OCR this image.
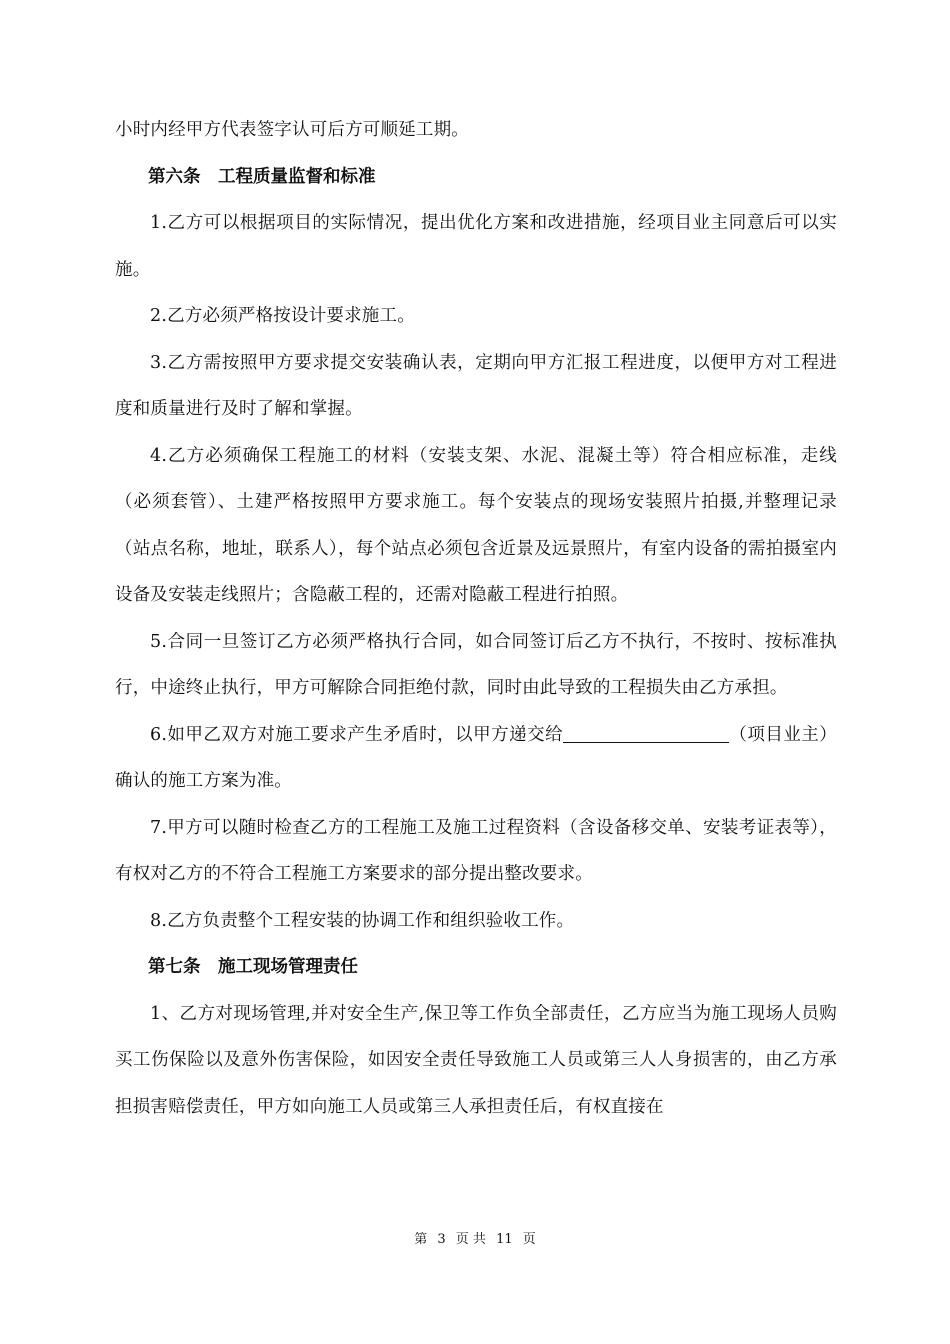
小时内经甲方代表签字认可后方可顺延工期。

第六条　工程质量监督和标准

1.乙方可以根据项目的实际情况，提出优化方案和改进措施，经项目业主同意后可以实施。

2.乙方必须严格按设计要求施工。

3.乙方需按照甲方要求提交安装确认表，定期向甲方汇报工程进度，以便甲方对工程进度和质量进行及时了解和掌握。

4.乙方必须确保工程施工的材料（安装支架、水泥、混凝土等）符合相应标准，走线（必须套管）、土建严格按照甲方要求施工。每个安装点的现场安装照片拍摄,并整理记录（站点名称，地址，联系人），每个站点必须包含近景及远景照片，有室内设备的需拍摄室内设备及安装走线照片；含隐蔽工程的，还需对隐蔽工程进行拍照。

5.合同一旦签订乙方必须严格执行合同，如合同签订后乙方不执行，不按时、按标准执行，中途终止执行，甲方可解除合同拒绝付款，同时由此导致的工程损失由乙方承担。

6.如甲乙双方对施工要求产生矛盾时，以甲方递交给	（项目业主）确认的施工方案为准。

7.甲方可以随时检查乙方的工程施工及施工过程资料（含设备移交单、安装考证表等），有权对乙方的不符合工程施工方案要求的部分提出整改要求。

8.乙方负责整个工程安装的协调工作和组织验收工作。

第七条　施工现场管理责任

1、乙方对现场管理,并对安全生产,保卫等工作负全部责任，乙方应当为施工现场人员购买工伤保险以及意外伤害保险，如因安全责任导致施工人员或第三人人身损害的，由乙方承担损害赔偿责任，甲方如向施工人员或第三人承担责任后，有权直接在

第 3 页 共 11 页
